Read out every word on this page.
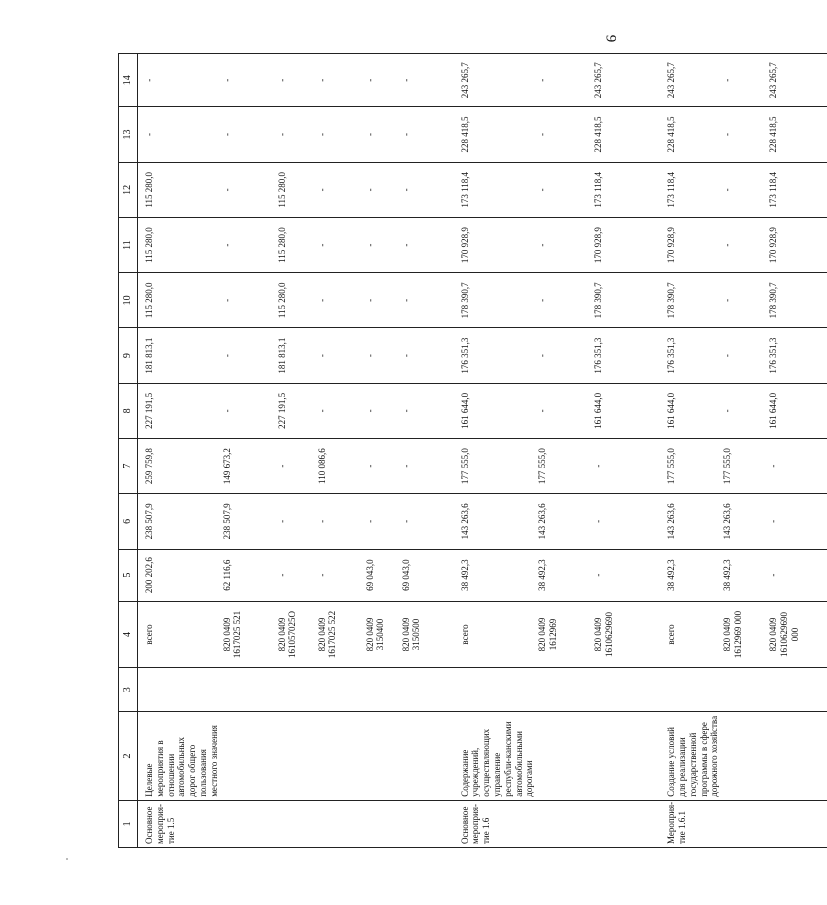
9
1	2	3	4	5	6	7	8	9	10	11	12	13	14
Основное мероприя-тие 1.5	Целевые мероприятия в отношении автомобильных дорог общего пользования местного значения		всего	200 202,6	238 507,9	259 759,8	227 191,5	181 813,1	115 280,0	115 280,0	115 280,0	-	-
			820 0409 1617025 521	62 116,6	238 507,9	149 673,2	-	-	-	-	-	-	-
			820 0409 161057025О	-	-	-	227 191,5	181 813,1	115 280,0	115 280,0	115 280,0	-	-
			820 0409 1617025 522	-	-	110 086,6	-	-	-	-	-	-	-
			820 0409 3150400	69 043,0	-	-	-	-	-	-	-	-	-
			820 0409 3150500	69 043,0	-	-	-	-	-	-	-	-	-
Основное мероприя-тие 1.6	Содержание учреждений, осуществляющих управление республи-канскими автомобильными дорогами		всего	38 492,3	143 263,6	177 555,0	161 644,0	176 351,3	178 390,7	170 928,9	173 118,4	228 418,5	243 265,7
			820 0409 1612969	38 492,3	143 263,6	177 555,0	-	-	-	-	-	-	-
			820 0409 1610629690	-	-	-	161 644,0	176 351,3	178 390,7	170 928,9	173 118,4	228 418,5	243 265,7
Мероприя-тие 1.6.1	Создание условий для реализации государственной программы в сфере дорожного хозяйства		всего	38 492,3	143 263,6	177 555,0	161 644,0	176 351,3	178 390,7	170 928,9	173 118,4	228 418,5	243 265,7
			820 0409 1612969 000	38 492,3	143 263,6	177 555,0	-	-	-	-	-	-	-
			820 0409 1610629690 000	-	-	-	161 644,0	176 351,3	178 390,7	170 928,9	173 118,4	228 418,5	243 265,7
